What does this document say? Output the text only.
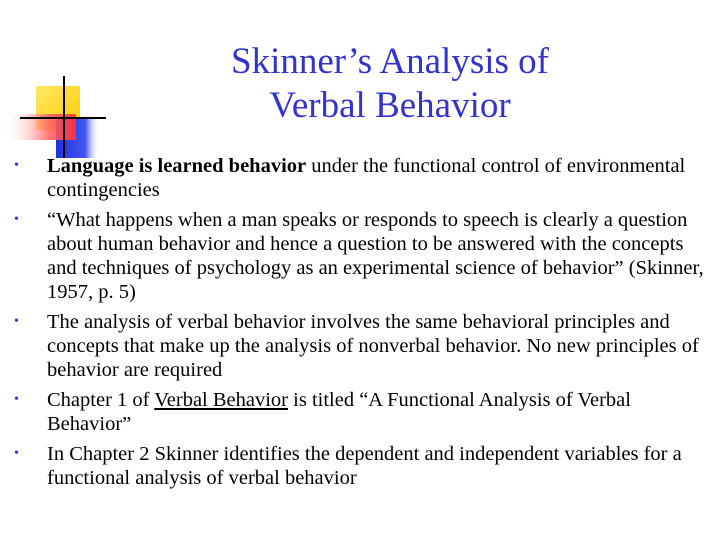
Skinner’s Analysis of
Verbal Behavior
• Language is learned behavior under the functional control of environmental contingencies
• “What happens when a man speaks or responds to speech is clearly a question about human behavior and hence a question to be answered with the concepts and techniques of psychology as an experimental science of behavior” (Skinner, 1957, p. 5)
• The analysis of verbal behavior involves the same behavioral principles and concepts that make up the analysis of nonverbal behavior. No new principles of behavior are required
• Chapter 1 of Verbal Behavior is titled “A Functional Analysis of Verbal Behavior”
• In Chapter 2 Skinner identifies the dependent and independent variables for a functional analysis of verbal behavior
